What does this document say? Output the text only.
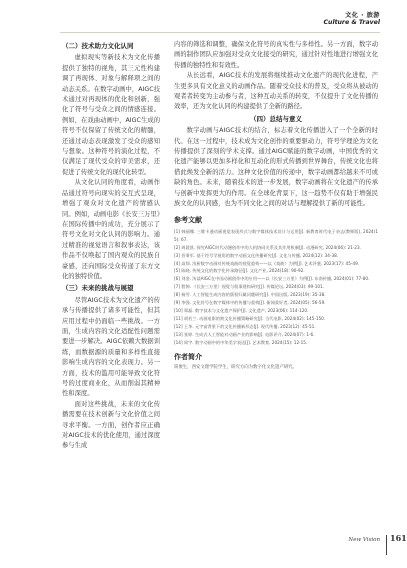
文化 · 旅游
Culture & Travel
（二）技术助力文化认同

虚拟现实等新技术为文化传播提供了独特的视角，其三元性构建调了再现体、对象与解释项之间的动态关系。在数字动画中，AIGC技术通过对再现体的优化和创新，强化了符号与受众之间的情感连接。例如，在戏曲动画中，AIGC生成的符号不仅保留了传统文化的精髓，还通过动态表现激发了受众的感知与想象。这种符号的演化过程，不仅满足了现代受众的审美需求，还促进了传统文化的现代化转型。

从文化认同的角度看，动画作品通过符号向现实的交互式呈现，增强了观众对文化遗产的情感认同。例如，动画电影《长安三万里》在国际传播中的成功，充分展示了符号文化对文化认同的影响力。通过精准的视觉语言和叙事表达，该作品不仅唤起了国内观众的民族自豪感，还向国际受众传递了东方文化的独特价值。

（三）未来的挑战与展望

尽管AIGC技术为文化遗产的传承与传播提供了诸多可能性，但其应用过程中仍面临一些挑战。一方面，生成内容的文化适配性问题需要进一步解决。AIGC依赖大数据训练，而数据源的质量和多样性直接影响生成内容的文化表现力。另一方面，技术的滥用可能导致文化符号的过度商业化，从而削弱其精神性和深度。

面对这些挑战，未来的文化传播需要在技术创新与文化价值之间寻求平衡。一方面，创作者应正确对AIGC技术的优化使用，通过深度参与生成

内容的筛选和调整，确保文化符号的真实性与多样性。另一方面，数字动画的制作团队应加强对受众文化接受的研究，通过针对性地进行增强文化传播的独特性和有效性。

从长远看，AIGC技术的发展将继续推动文化遗产的现代化进程，产生更多具有文化意义的动画作品。随着受众技术的普及，受众将从被动的观者者转变为主动参与者，这种互动关系的转变，不仅提升了文化传播的效率，还为文化认同的构建提供了全新的路径。

（四）总结与意义

数字动画与AIGC技术的结合，标志着文化传播进入了一个全新的时代。在这一过程中，技术成为文化创作的重要驱动力，符号学理论为文化传播提供了深刻的学术支撑。通过AIGC赋能的数字动画，中国优秀的文化遗产能够以更加多样化和互动化的形式传播到世界舞台，传统文化也将借此焕发全新的活力。这种文化价值的传递中，数字动画都给越来不可或缺的角色。未来，随着技术的进一步发展，数字动画将在文化遗产的传承与创新中发挥更大的作用。在全球化背景下，这一趋势不仅有助于增强民族文化的认同感，也为不同文化之间的对话与理解提供了新的可能性。

参考文献

[1] 韩丽娜. 三维卡通动画视觉表现形式与数字媒体技术设计与运用[J]. 新教育时代电子杂志(教师版), 2024(15): 67.

[2] 周晨凯. 探究AIGC时代动漫创作中的人机协同关系及其作用机制[J]. 动漫研究, 2024(06): 21-23.

[3] 晋秉军. 基于符号学视角的数字动画文化传播研究[J]. 文化与传播, 2024(12): 34-38.

[4] 高翔. 浅析数字动画对传统戏曲的视觉重构——以《戏曲》为例[J]. 艺术评鉴, 2023(17): 45-49.

[5] 陈晓. 传统文化的数字化传承路径[J]. 文化产业, 2024(18): 90-92.

[6] 刘金. 浅谈AIGC在中国动画创作中的应用——以《长安三万里》为例[J]. 东南传播, 2024(01): 77-80.

[7] 程锦. 《长安三万里》视觉与叙事建构研究[J]. 传媒论坛, 2024(03): 99-101.

[8] 杨雪. 人工智能生成内容的版权归属问题研究[J]. 中国出版, 2023(19): 35-38.

[9] 李强. 文化符号在数字媒体中的传播与重构[J]. 新闻爱好者, 2024(05): 56-59.

[10] 郑磊. 数字技术与文化遗产保护[J]. 文化遗产, 2023(06): 114-120.

[11] 胡若兰. 动画电影的跨文化传播策略研究[J]. 当代电影, 2024(02): 145-150.

[12] 王华. 元宇宙背景下的文化传播新形态[J]. 现代传播, 2023(12): 45-51.

[13] 张婷. 生成式人工智能对动画产业的影响[J]. 电影评介, 2024(07): 1-6.

[14] 周宇. 数字动画中的中华美学表达[J]. 艺术教育, 2024(15): 12-15.

作者简介

简俊生，西安文理学院学生，研究方向为数字化文化遗产研究。

New Vision 161
